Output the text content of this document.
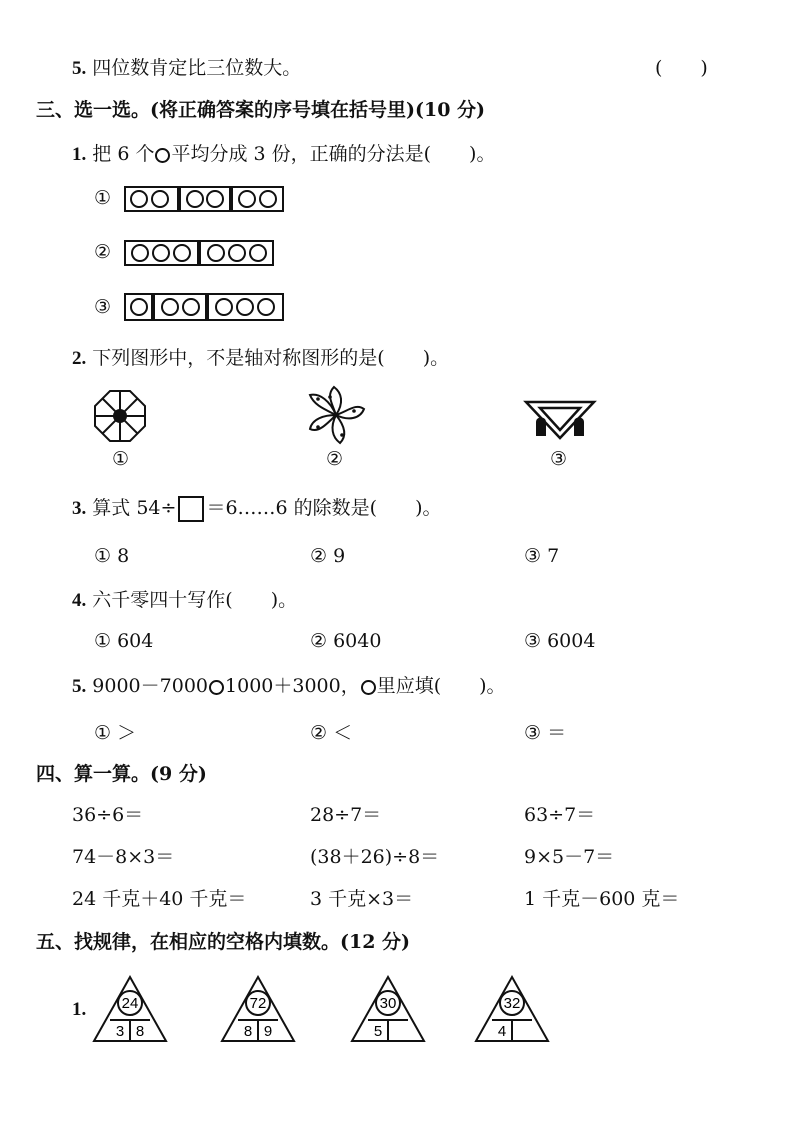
5. 四位数肯定比三位数大。	(　　)
三、选一选。(将正确答案的序号填在括号里)(10 分)
1. 把 6 个 平均分成 3 份，正确的分法是(　　)。
①
②
③
2. 下列图形中，不是轴对称图形的是(　　)。
①	②	③
3. 算式 54÷ ＝6……6 的除数是(　　)。
① 8	② 9	③ 7
4. 六千零四十写作(　　)。
① 604	② 6040	③ 6004
5. 9000－7000 1000＋3000， 里应填(　　)。
① ＞	② ＜	③ ＝
四、算一算。(9 分)
36÷6＝	28÷7＝	63÷7＝
74－8×3＝	(38＋26)÷8＝	9×5－7＝
24 千克＋40 千克＝	3 千克×3＝	1 千克－600 克＝
五、找规律，在相应的空格内填数。(12 分)
1. 24
3 8
72
8 9
30
5
32
4
